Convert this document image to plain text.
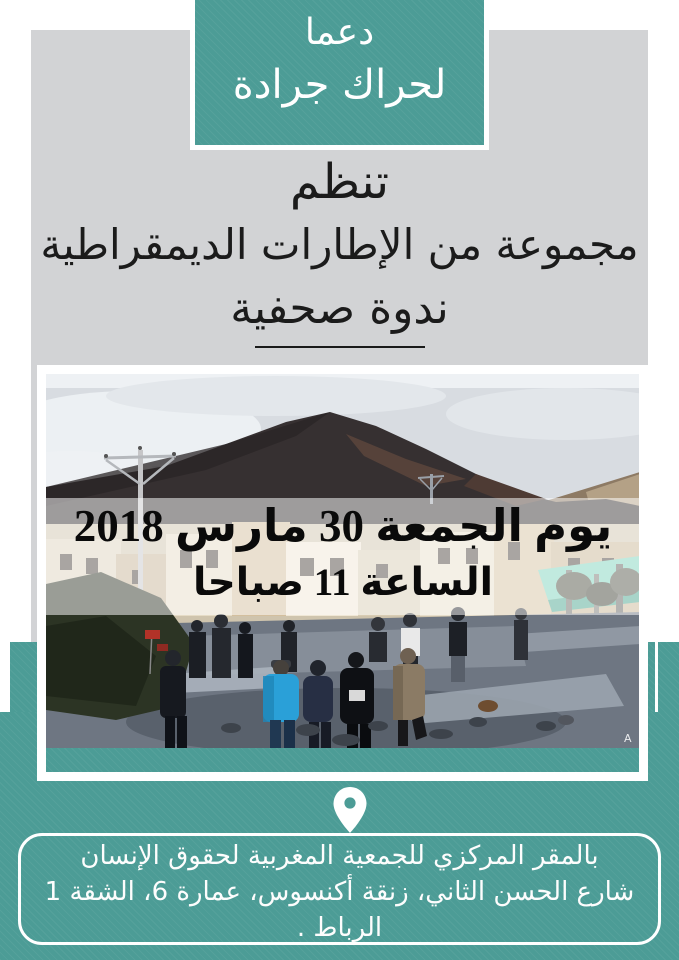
دعما
لحراك جرادة
تنظم
مجموعة من الإطارات الديمقراطية
ندوة صحفية
A
يوم الجمعة 30 مارس 2018
الساعة 11 صباحا
بالمقر المركزي للجمعية المغربية لحقوق الإنسان
شارع الحسن الثاني، زنقة أكنسوس، عمارة 6، الشقة 1
الرباط .
